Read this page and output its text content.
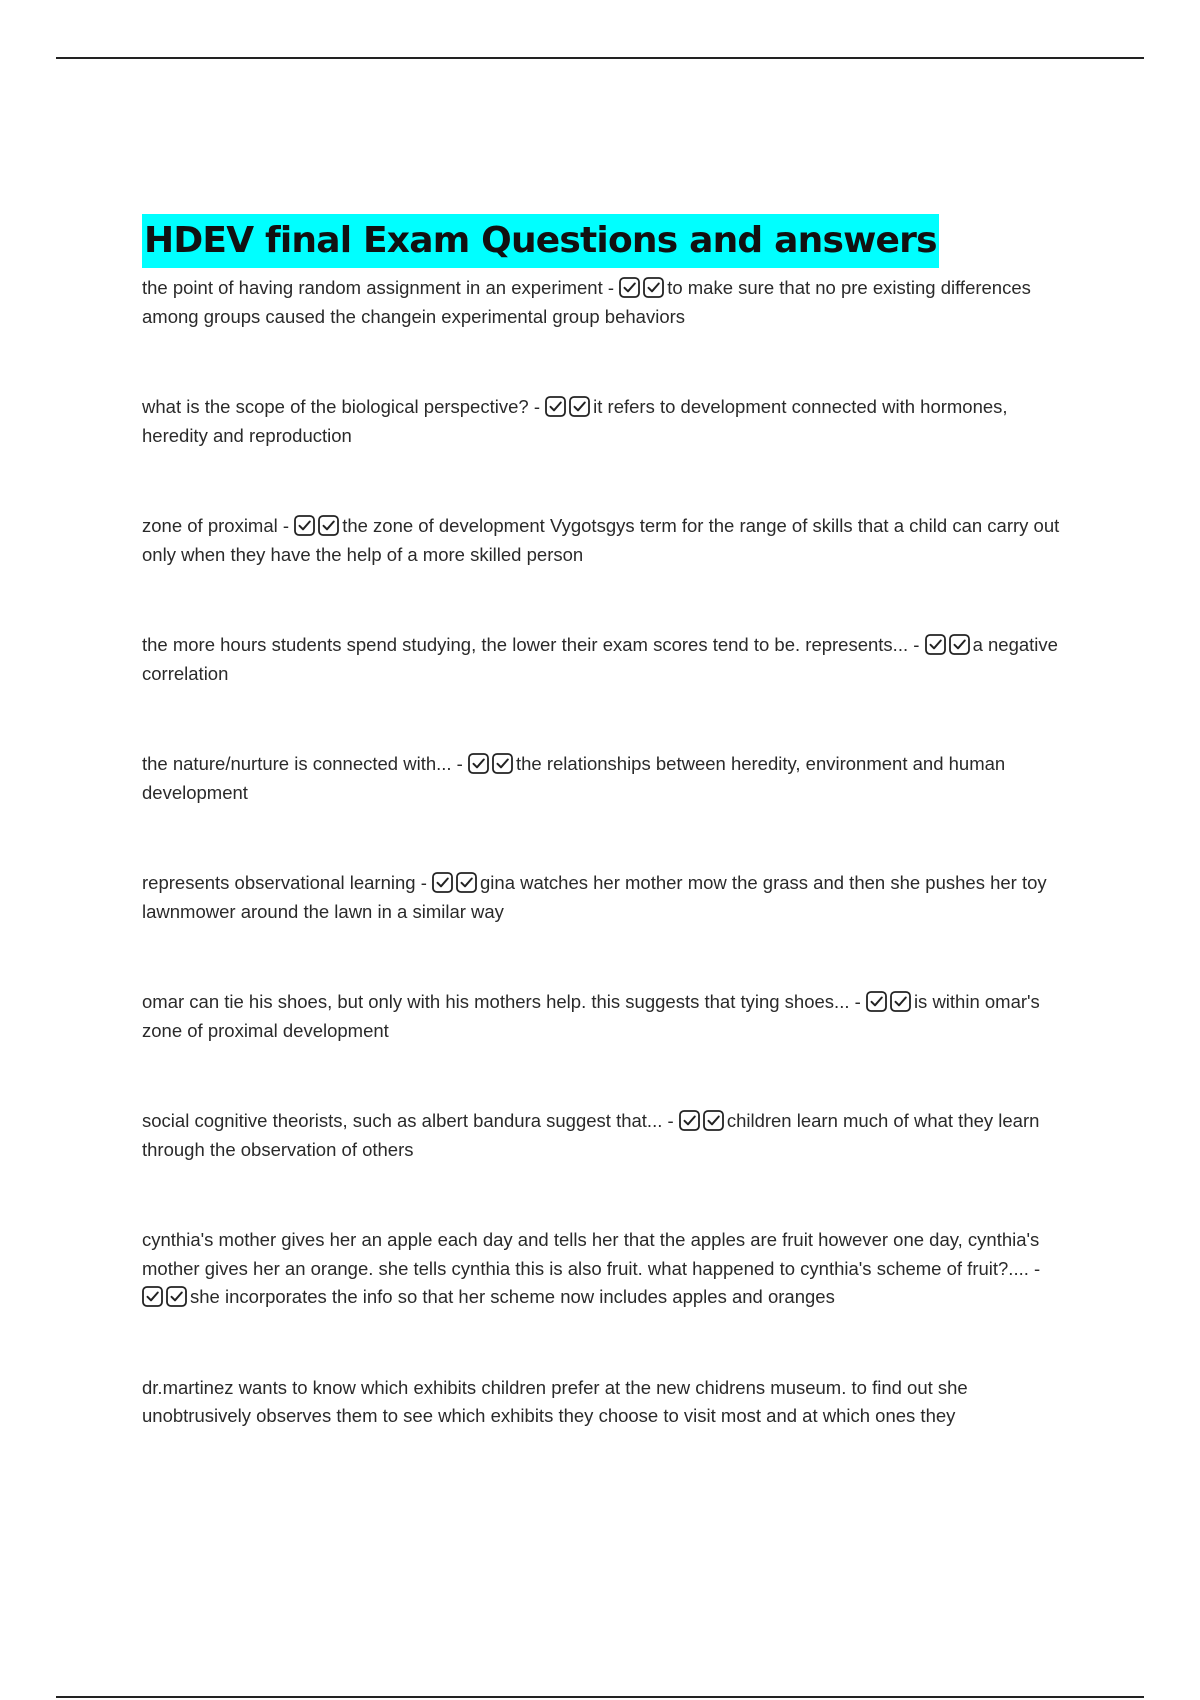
HDEV final Exam Questions and answers

the point of having random assignment in an experiment -	to make sure that no pre existing differences among groups caused the changein experimental group behaviors

what is the scope of the biological perspective? -	it refers to development connected with hormones, heredity and reproduction

zone of proximal -	the zone of development Vygotsgys term for the range of skills that a child can carry out only when they have the help of a more skilled person

the more hours students spend studying, the lower their exam scores tend to be. represents... -	a negative correlation

the nature/nurture is connected with... -	the relationships between heredity, environment and human development

represents observational learning -	gina watches her mother mow the grass and then she pushes her toy lawnmower around the lawn in a similar way

omar can tie his shoes, but only with his mothers help. this suggests that tying shoes... -	is within omar's zone of proximal development

social cognitive theorists, such as albert bandura suggest that... -	children learn much of what they learn through the observation of others

cynthia's mother gives her an apple each day and tells her that the apples are fruit however one day, cynthia's mother gives her an orange. she tells cynthia this is also fruit. what happened to cynthia's scheme of fruit?.... -
she incorporates the info so that her scheme now includes apples and oranges

dr.martinez wants to know which exhibits children prefer at the new chidrens museum. to find out she unobtrusively observes them to see which exhibits they choose to visit most and at which ones they
